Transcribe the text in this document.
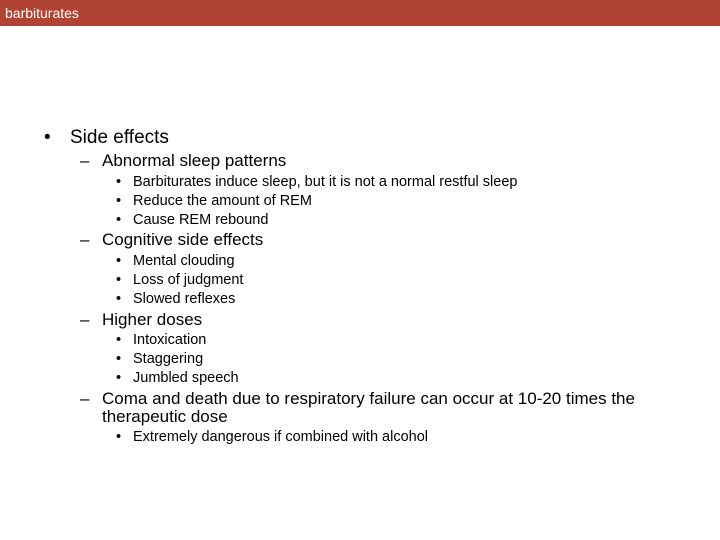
barbiturates
• Side effects
– Abnormal sleep patterns
• Barbiturates induce sleep, but it is not a normal restful sleep
• Reduce the amount of REM
• Cause REM rebound
– Cognitive side effects
• Mental clouding
• Loss of judgment
• Slowed reflexes
– Higher doses
• Intoxication
• Staggering
• Jumbled speech
– Coma and death due to respiratory failure can occur at 10-20 times the therapeutic dose
• Extremely dangerous if combined with alcohol
